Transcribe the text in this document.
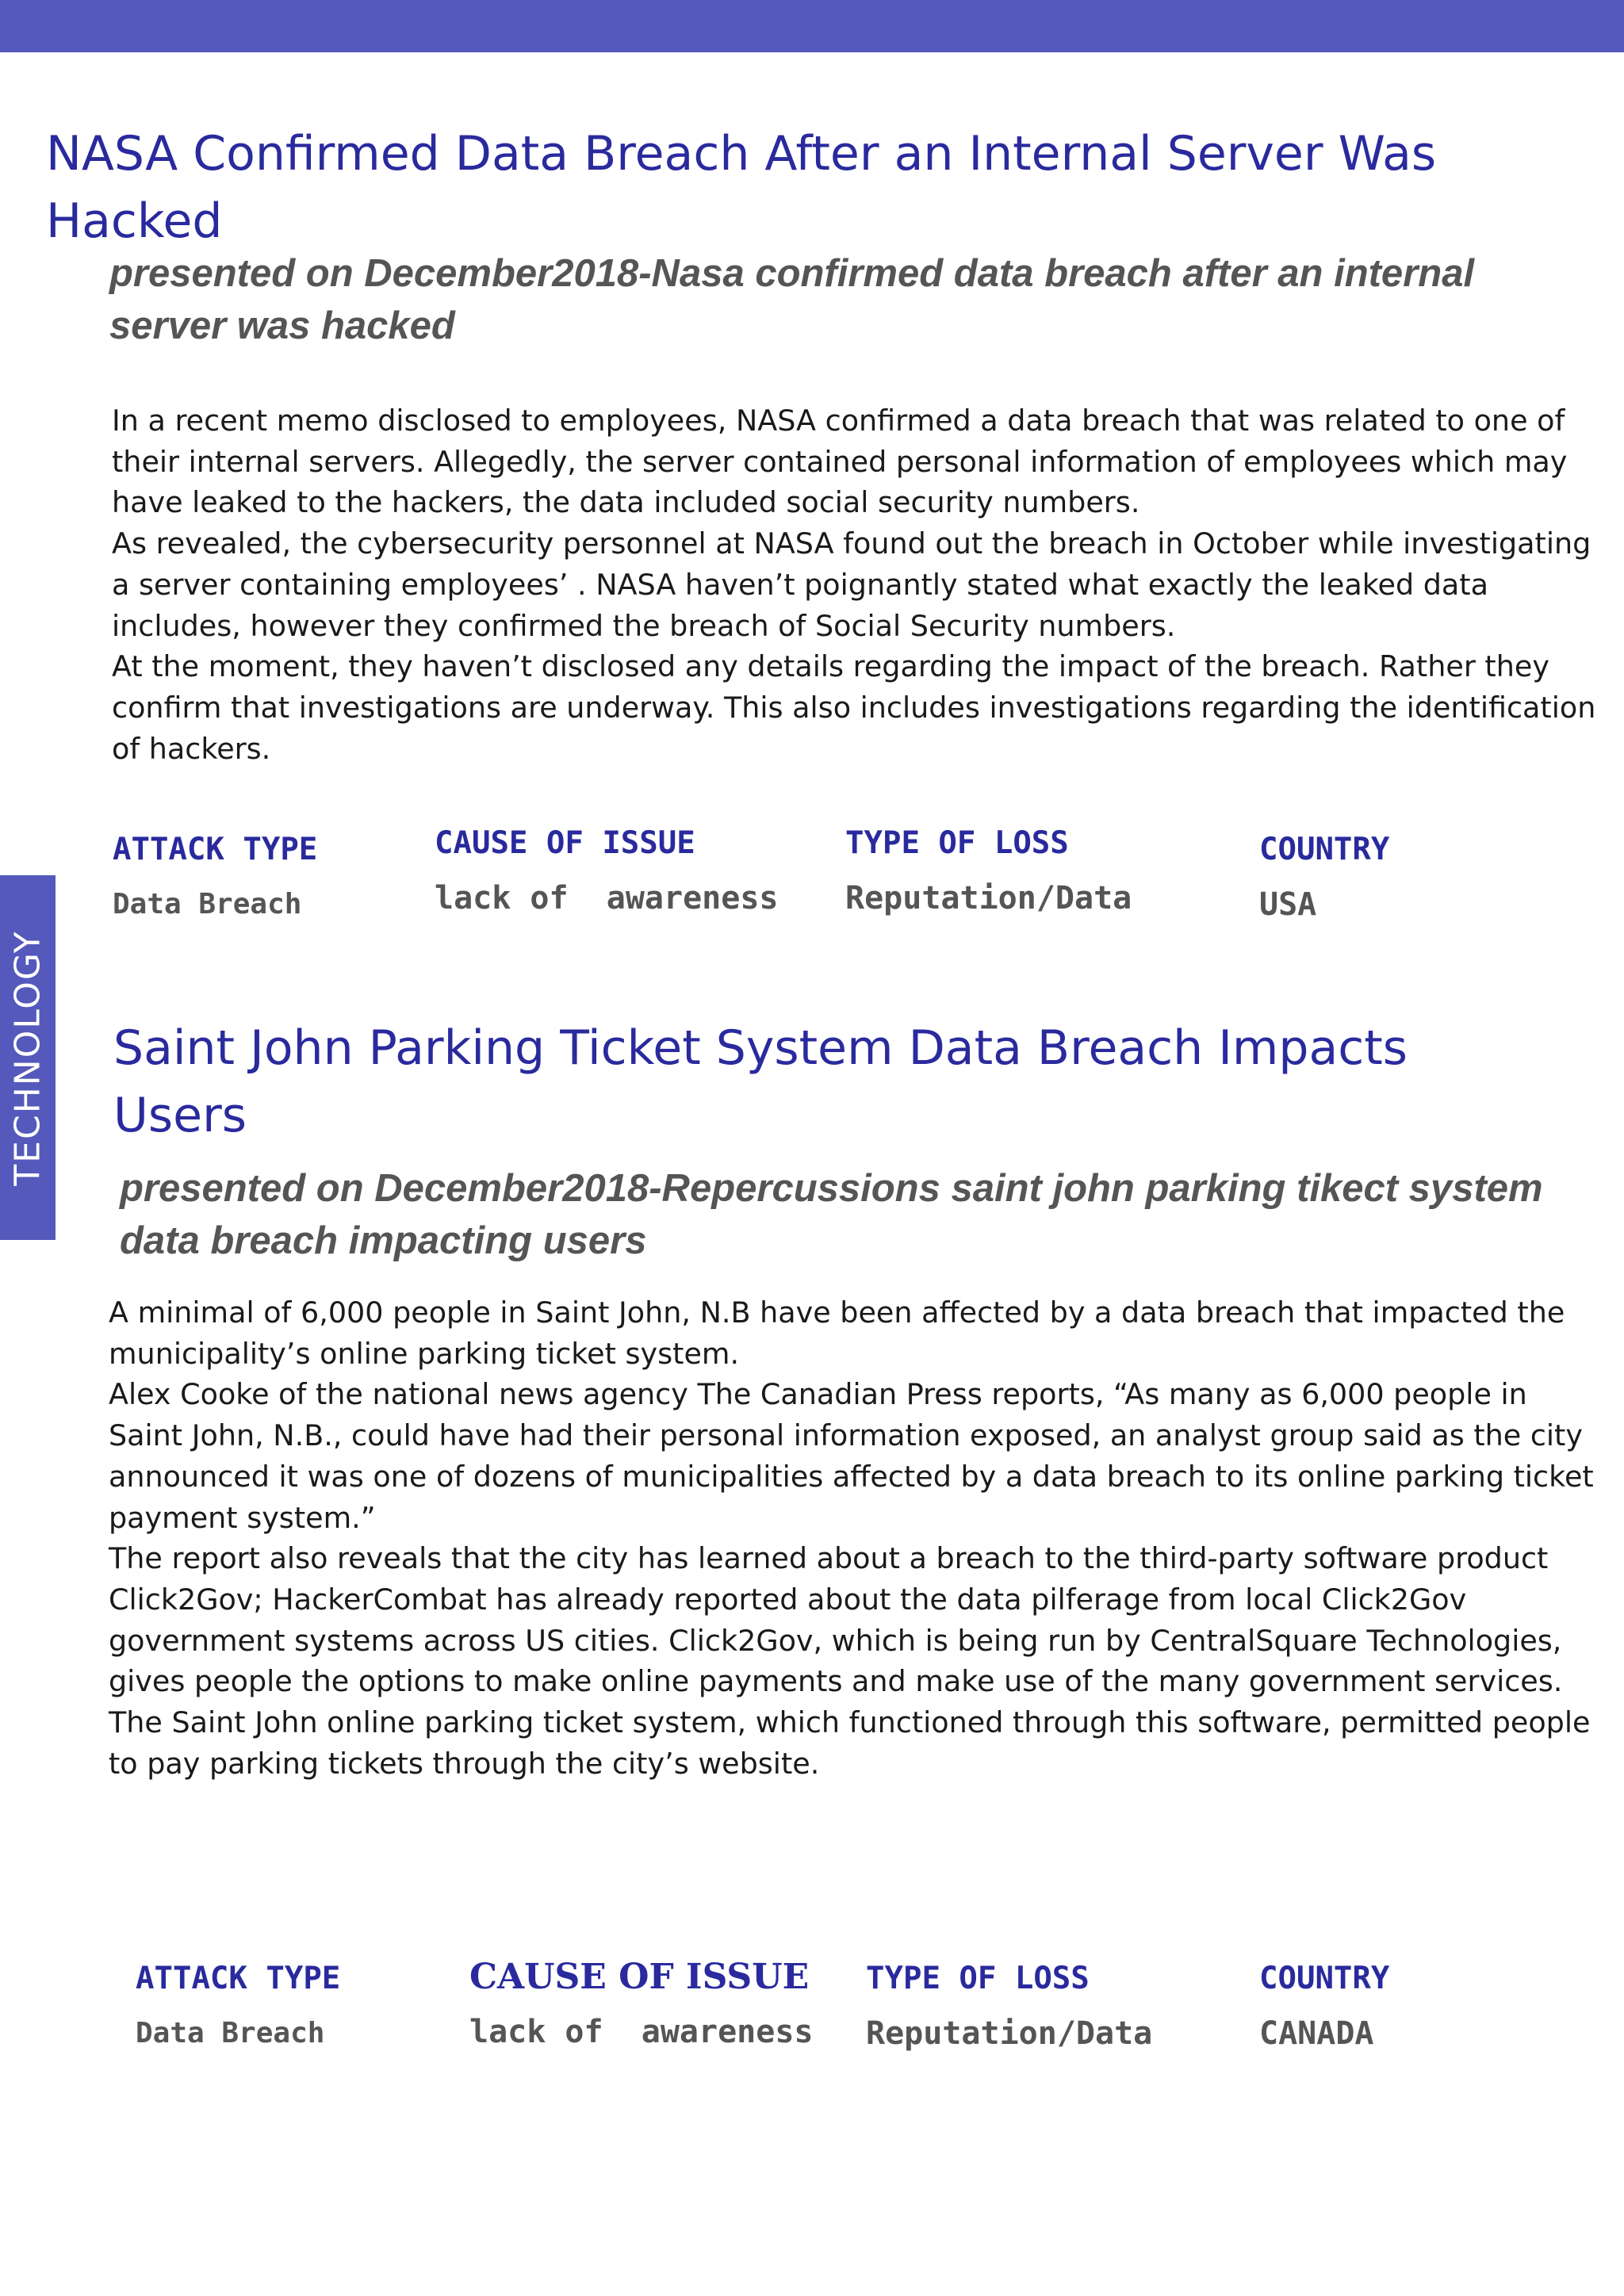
TECHNOLOGY
NASA Confirmed Data Breach After an Internal Server Was Hacked
presented on December2018-Nasa confirmed data breach after an internal server was hacked

In a recent memo disclosed to employees, NASA confirmed a data breach that was related to one of their internal servers. Allegedly, the server contained personal information of employees which may have leaked to the hackers, the data included social security numbers.

As revealed, the cybersecurity personnel at NASA found out the breach in October while investigating a server containing employees’ . NASA haven’t poignantly stated what exactly the leaked data includes, however they confirmed the breach of Social Security numbers.

At the moment, they haven’t disclosed any details regarding the impact of the breach. Rather they confirm that investigations are underway. This also includes investigations regarding the identification of hackers.

ATTACK TYPE
Data Breach
CAUSE OF ISSUE
lack of  awareness
TYPE OF LOSS
Reputation/Data
COUNTRY
USA
Saint John Parking Ticket System Data Breach Impacts Users
presented on December2018-Repercussions saint john parking tikect system data breach impacting users

A minimal of 6,000 people in Saint John, N.B have been affected by a data breach that impacted the municipality’s online parking ticket system.

Alex Cooke of the national news agency The Canadian Press reports, “As many as 6,000 people in Saint John, N.B., could have had their personal information exposed, an analyst group said as the city announced it was one of dozens of municipalities affected by a data breach to its online parking ticket payment system.”

The report also reveals that the city has learned about a breach to the third-party software product Click2Gov; HackerCombat has already reported about the data pilferage from local Click2Gov government systems across US cities. Click2Gov, which is being run by CentralSquare Technologies, gives people the options to make online payments and make use of the many government services. The Saint John online parking ticket system, which functioned through this software, permitted people to pay parking tickets through the city’s website.

ATTACK TYPE
Data Breach
CAUSE OF ISSUE
lack of  awareness
TYPE OF LOSS
Reputation/Data
COUNTRY
CANADA
